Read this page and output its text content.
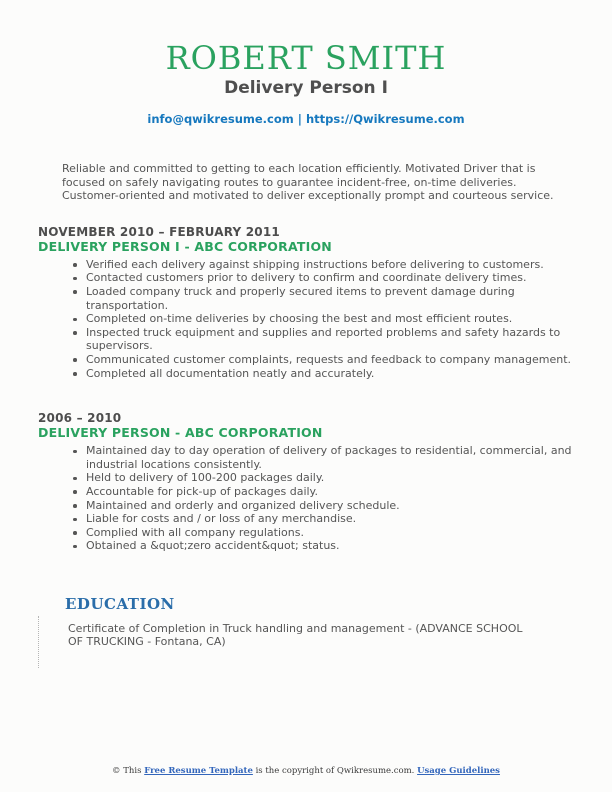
ROBERT SMITH
Delivery Person I
info@qwikresume.com | https://Qwikresume.com
Reliable and committed to getting to each location efficiently. Motivated Driver that is focused on safely navigating routes to guarantee incident-free, on-time deliveries. Customer-oriented and motivated to deliver exceptionally prompt and courteous service.
NOVEMBER 2010 – FEBRUARY 2011
DELIVERY PERSON I - ABC CORPORATION
Verified each delivery against shipping instructions before delivering to customers.
Contacted customers prior to delivery to confirm and coordinate delivery times.
Loaded company truck and properly secured items to prevent damage during transportation.
Completed on-time deliveries by choosing the best and most efficient routes.
Inspected truck equipment and supplies and reported problems and safety hazards to supervisors.
Communicated customer complaints, requests and feedback to company management.
Completed all documentation neatly and accurately.
2006 – 2010
DELIVERY PERSON - ABC CORPORATION
Maintained day to day operation of delivery of packages to residential, commercial, and industrial locations consistently.
Held to delivery of 100-200 packages daily.
Accountable for pick-up of packages daily.
Maintained and orderly and organized delivery schedule.
Liable for costs and / or loss of any merchandise.
Complied with all company regulations.
Obtained a &quot;zero accident&quot; status.
EDUCATION
Certificate of Completion in Truck handling and management - (ADVANCE SCHOOL OF TRUCKING - Fontana, CA)
© This Free Resume Template is the copyright of Qwikresume.com. Usage Guidelines
